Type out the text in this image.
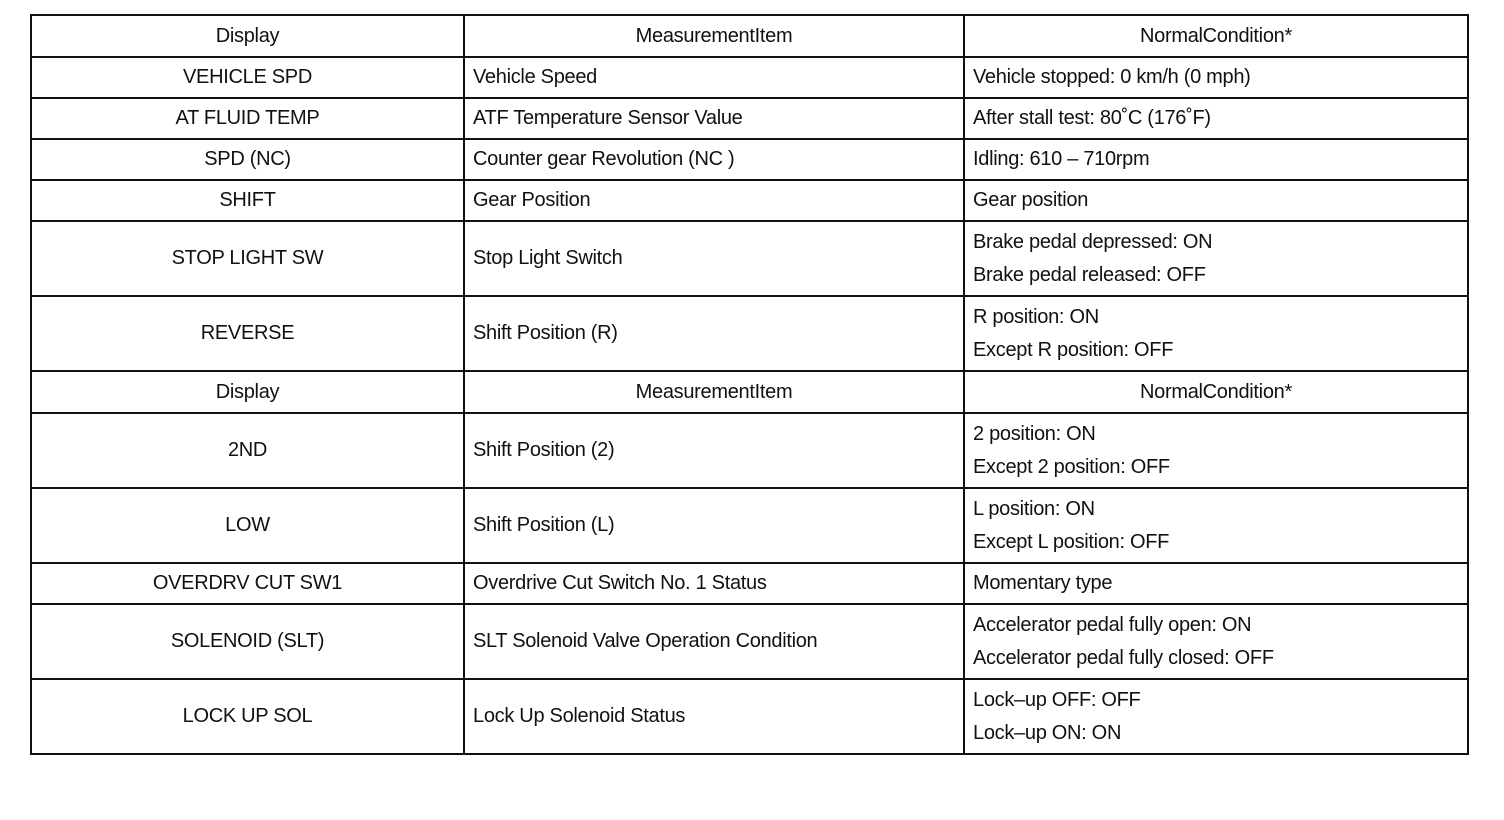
Display	MeasurementItem	NormalCondition*
VEHICLE SPD	Vehicle Speed	Vehicle stopped: 0 km/h (0 mph)

AT FLUID TEMP	ATF Temperature Sensor Value	After stall test: 80˚C (176˚F)

SPD (NC)	Counter gear Revolution (NC )	Idling: 610 – 710rpm

SHIFT	Gear Position	Gear position

STOP LIGHT SW	Stop Light Switch	Brake pedal depressed: ON
Brake pedal released: OFF

REVERSE	Shift Position (R)	R position: ON
Except R position: OFF

Display	MeasurementItem	NormalCondition*
2ND	Shift Position (2)	2 position: ON
Except 2 position: OFF

LOW	Shift Position (L)	L position: ON
Except L position: OFF

OVERDRV CUT SW1	Overdrive Cut Switch No. 1 Status	Momentary type

SOLENOID (SLT)	SLT Solenoid Valve Operation Condition	Accelerator pedal fully open: ON
Accelerator pedal fully closed: OFF

LOCK UP SOL	Lock Up Solenoid Status	Lock–up OFF: OFF
Lock–up ON: ON
